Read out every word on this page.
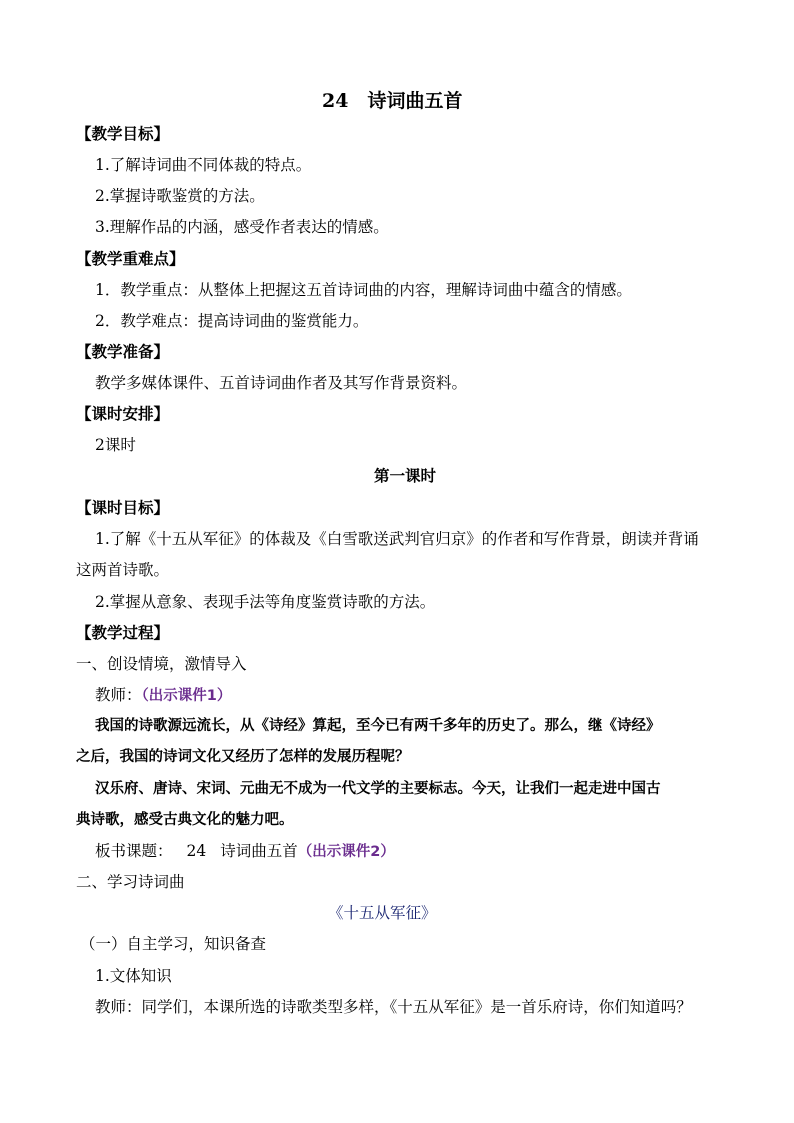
24　诗词曲五首
【教学目标】
1.了解诗词曲不同体裁的特点。
2.掌握诗歌鉴赏的方法。
3.理解作品的内涵，感受作者表达的情感。
【教学重难点】
1．教学重点：从整体上把握这五首诗词曲的内容，理解诗词曲中蕴含的情感。
2．教学难点：提高诗词曲的鉴赏能力。
【教学准备】
教学多媒体课件、五首诗词曲作者及其写作背景资料。
【课时安排】
2课时
第一课时
【课时目标】
1.了解《十五从军征》的体裁及《白雪歌送武判官归京》的作者和写作背景，朗读并背诵
这两首诗歌。
2.掌握从意象、表现手法等角度鉴赏诗歌的方法。
【教学过程】
一、创设情境，激情导入
教师：（出示课件1）
我国的诗歌源远流长，从《诗经》算起，至今已有两千多年的历史了。那么，继《诗经》
之后，我国的诗词文化又经历了怎样的发展历程呢？
汉乐府、唐诗、宋词、元曲无不成为一代文学的主要标志。今天，让我们一起走进中国古
典诗歌，感受古典文化的魅力吧。
板书课题： 24 诗词曲五首（出示课件2）
二、学习诗词曲
《十五从军征》
（一）自主学习，知识备查
1.文体知识
教师：同学们，本课所选的诗歌类型多样，《十五从军征》是一首乐府诗，你们知道吗？
